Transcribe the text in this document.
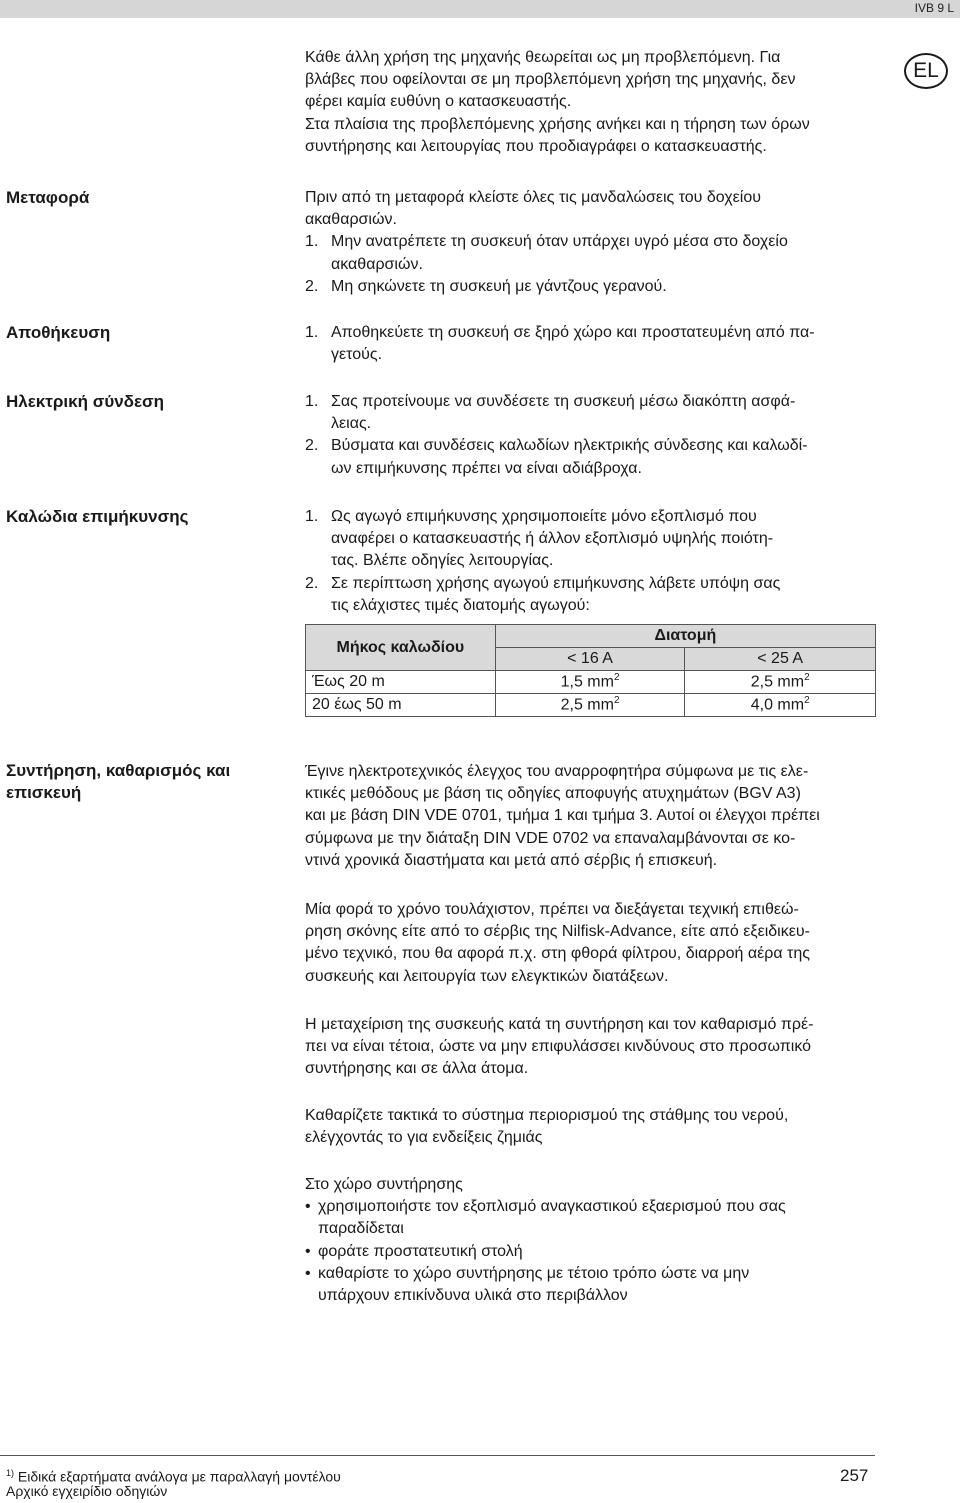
IVB 9 L
EL
Κάθε άλλη χρήση της μηχανής θεωρείται ως μη προβλεπόμενη. Για
βλάβες που οφείλονται σε μη προβλεπόμενη χρήση της μηχανής, δεν
φέρει καμία ευθύνη ο κατασκευαστής.
Στα πλαίσια της προβλεπόμενης χρήσης ανήκει και η τήρηση των όρων
συντήρησης και λειτουργίας που προδιαγράφει ο κατασκευαστής.
Μεταφορά	Πριν από τη μεταφορά κλείστε όλες τις μανδαλώσεις του δοχείου
ακαθαρσιών.
1. Μην ανατρέπετε τη συσκευή όταν υπάρχει υγρό μέσα στο δοχείο
ακαθαρσιών.
2. Μη σηκώνετε τη συσκευή με γάντζους γερανού.
Αποθήκευση	1. Αποθηκεύετε τη συσκευή σε ξηρό χώρο και προστατευμένη από πα-
γετούς.
Ηλεκτρική σύνδεση	1. Σας προτείνουμε να συνδέσετε τη συσκευή μέσω διακόπτη ασφά-
λειας.
2. Βύσματα και συνδέσεις καλωδίων ηλεκτρικής σύνδεσης και καλωδί-
ων επιμήκυνσης πρέπει να είναι αδιάβροχα.
Καλώδια επιμήκυνσης	1. Ως αγωγό επιμήκυνσης χρησιμοποιείτε μόνο εξοπλισμό που
αναφέρει ο κατασκευαστής ή άλλον εξοπλισμό υψηλής ποιότη-
τας. Βλέπε οδηγίες λειτουργίας.
2. Σε περίπτωση χρήσης αγωγού επιμήκυνσης λάβετε υπόψη σας
τις ελάχιστες τιμές διατομής αγωγού:
Μήκος καλωδίου	Διατομή	
	< 16 A	< 25 A
Έως 20 m	1,5 $mm^2$	2,5 $mm^2$
20 έως 50 m	2,5 $mm^2$	4,0 $mm^2$
Συντήρηση, καθαρισμός και
επισκευή
Έγινε ηλεκτροτεχνικός έλεγχος του αναρροφητήρα σύμφωνα με τις ελε-
κτικές μεθόδους με βάση τις οδηγίες αποφυγής ατυχημάτων (BGV A3)
και με βάση DIN VDE 0701, τμήμα 1 και τμήμα 3. Αυτοί οι έλεγχοι πρέπει
σύμφωνα με την διάταξη DIN VDE 0702 να επαναλαμβάνονται σε κο-
ντινά χρονικά διαστήματα και μετά από σέρβις ή επισκευή.
Μία φορά το χρόνο τουλάχιστον, πρέπει να διεξάγεται τεχνική επιθεώ-
ρηση σκόνης είτε από το σέρβις της Nilfisk-Advance, είτε από εξειδικευ-
μένο τεχνικό, που θα αφορά π.χ. στη φθορά φίλτρου, διαρροή αέρα της
συσκευής και λειτουργία των ελεγκτικών διατάξεων.
Η μεταχείριση της συσκευής κατά τη συντήρηση και τον καθαρισμό πρέ-
πει να είναι τέτοια, ώστε να μην επιφυλάσσει κινδύνους στο προσωπικό
συντήρησης και σε άλλα άτομα.
Καθαρίζετε τακτικά το σύστημα περιορισμού της στάθμης του νερού,
ελέγχοντάς το για ενδείξεις ζημιάς
Στο χώρο συντήρησης
• χρησιμοποιήστε τον εξοπλισμό αναγκαστικού εξαερισμού που σας
παραδίδεται
• φοράτε προστατευτική στολή
• καθαρίστε το χώρο συντήρησης με τέτοιο τρόπο ώστε να μην
υπάρχουν επικίνδυνα υλικά στο περιβάλλον
$^{1)}$ Ειδικά εξαρτήματα ανάλογα με παραλλαγή μοντέλου
Αρχικό εγχειρίδιο οδηγιών
257
